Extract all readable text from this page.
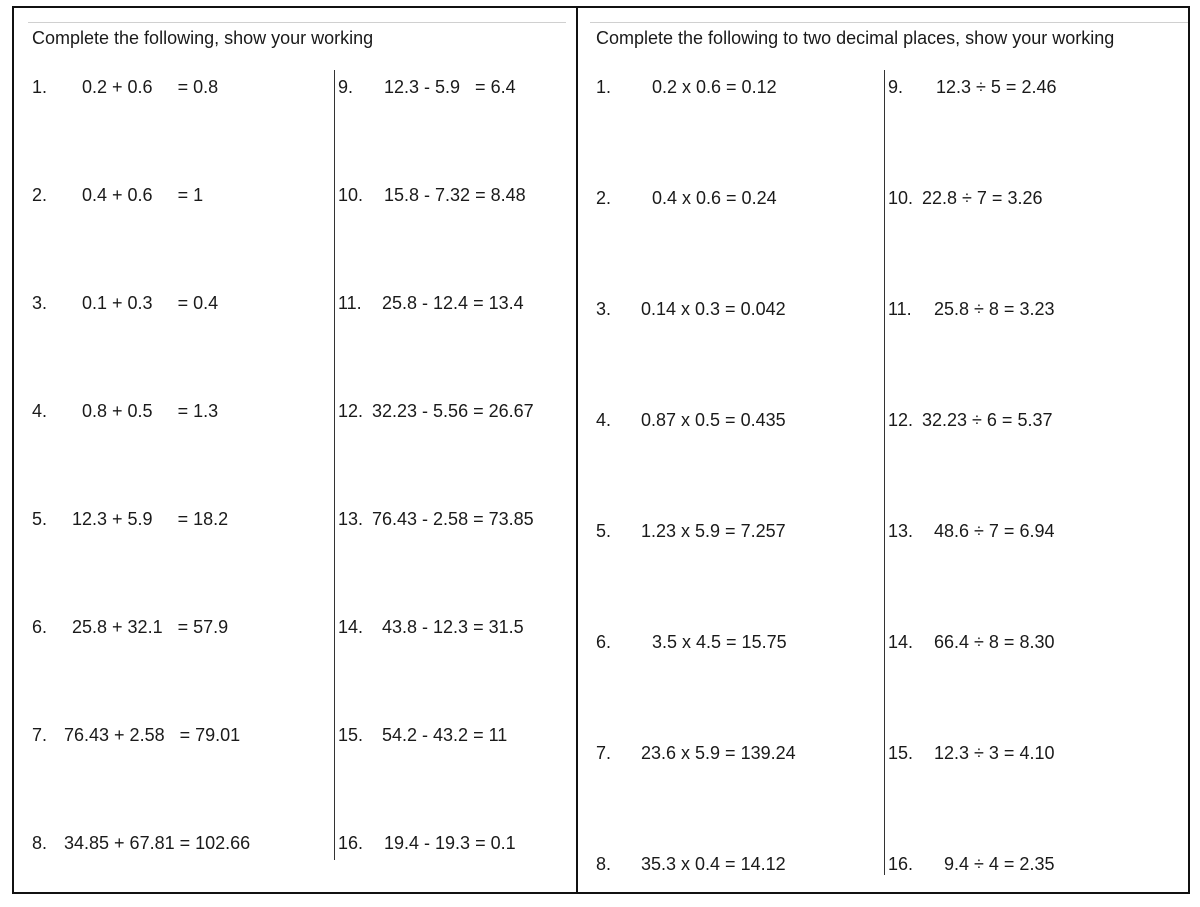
Complete the following, show your working
1. 0.2 + 0.6     = 0.8
2. 0.4 + 0.6     = 1
3. 0.1 + 0.3     = 0.4
4. 0.8 + 0.5     = 1.3
5. 12.3 + 5.9     = 18.2
6. 25.8 + 32.1   = 57.9
7. 76.43 + 2.58   = 79.01
8. 34.85 + 67.81 = 102.66
9. 12.3 - 5.9   = 6.4
10. 15.8 - 7.32 = 8.48
11. 25.8 - 12.4 = 13.4
12. 32.23 - 5.56 = 26.67
13. 76.43 - 2.58 = 73.85
14. 43.8 - 12.3 = 31.5
15. 54.2 - 43.2 = 11
16. 19.4 - 19.3 = 0.1
Complete the following to two decimal places, show your working
1. 0.2 x 0.6 = 0.12
2. 0.4 x 0.6 = 0.24
3. 0.14 x 0.3 = 0.042
4. 0.87 x 0.5 = 0.435
5. 1.23 x 5.9 = 7.257
6. 3.5 x 4.5 = 15.75
7. 23.6 x 5.9 = 139.24
8. 35.3 x 0.4 = 14.12
9. 12.3 ÷ 5 = 2.46
10. 22.8 ÷ 7 = 3.26
11. 25.8 ÷ 8 = 3.23
12. 32.23 ÷ 6 = 5.37
13. 48.6 ÷ 7 = 6.94
14. 66.4 ÷ 8 = 8.30
15. 12.3 ÷ 3 = 4.10
16. 9.4 ÷ 4 = 2.35
